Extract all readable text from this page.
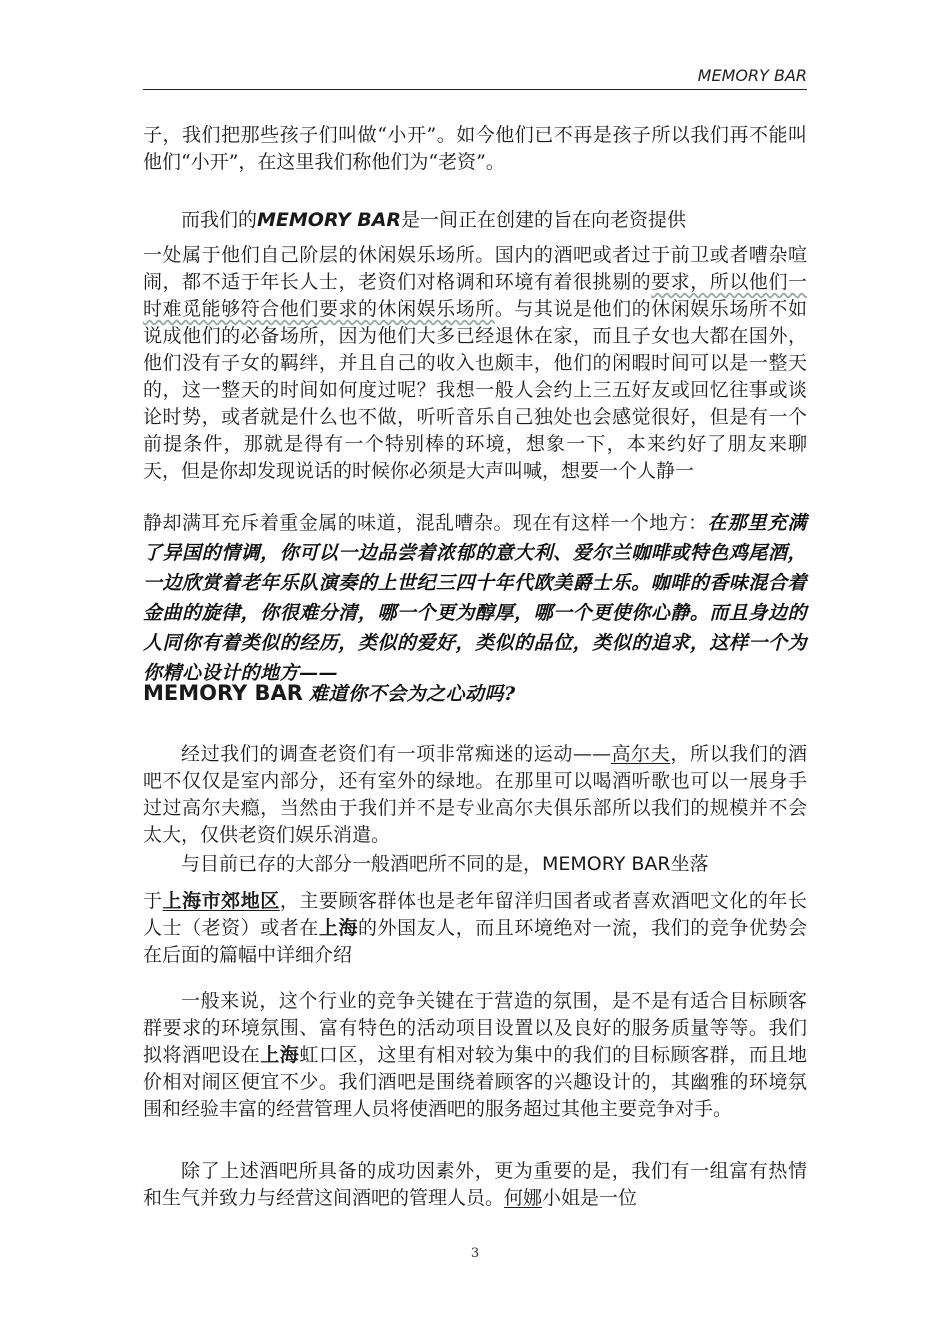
MEMORY BAR

子，我们把那些孩子们叫做“小开”。如今他们已不再是孩子所以我们再不能叫他们“小开”，在这里我们称他们为“老资”。

而我们的MEMORY BAR是一间正在创建的旨在向老资提供

一处属于他们自己阶层的休闲娱乐场所。国内的酒吧或者过于前卫或者嘈杂喧闹，都不适于年长人士，老资们对格调和环境有着很挑剔的要求，所以他们一时难觅能够符合他们要求的休闲娱乐场所。与其说是他们的休闲娱乐场所不如说成他们的必备场所，因为他们大多已经退休在家，而且子女也大都在国外，他们没有子女的羁绊，并且自己的收入也颇丰，他们的闲暇时间可以是一整天的，这一整天的时间如何度过呢？我想一般人会约上三五好友或回忆往事或谈论时势，或者就是什么也不做，听听音乐自己独处也会感觉很好，但是有一个前提条件，那就是得有一个特别棒的环境，想象一下，本来约好了朋友来聊天，但是你却发现说话的时候你必须是大声叫喊，想要一个人静一

静却满耳充斥着重金属的味道，混乱嘈杂。现在有这样一个地方：在那里充满了异国的情调，你可以一边品尝着浓郁的意大利、爱尔兰咖啡或特色鸡尾酒，一边欣赏着老年乐队演奏的上世纪三四十年代欧美爵士乐。咖啡的香味混合着金曲的旋律，你很难分清，哪一个更为醇厚，哪一个更使你心静。而且身边的人同你有着类似的经历，类似的爱好，类似的品位，类似的追求，这样一个为你精心设计的地方——

MEMORY BAR 难道你不会为之心动吗?

经过我们的调查老资们有一项非常痴迷的运动——高尔夫，所以我们的酒吧不仅仅是室内部分，还有室外的绿地。在那里可以喝酒听歌也可以一展身手过过高尔夫瘾，当然由于我们并不是专业高尔夫俱乐部所以我们的规模并不会太大，仅供老资们娱乐消遣。

与目前已存的大部分一般酒吧所不同的是，MEMORY BAR坐落

于上海市郊地区，主要顾客群体也是老年留洋归国者或者喜欢酒吧文化的年长人士（老资）或者在上海的外国友人，而且环境绝对一流，我们的竞争优势会在后面的篇幅中详细介绍

一般来说，这个行业的竞争关键在于营造的氛围，是不是有适合目标顾客群要求的环境氛围、富有特色的活动项目设置以及良好的服务质量等等。我们拟将酒吧设在上海虹口区，这里有相对较为集中的我们的目标顾客群，而且地价相对闹区便宜不少。我们酒吧是围绕着顾客的兴趣设计的，其幽雅的环境氛围和经验丰富的经营管理人员将使酒吧的服务超过其他主要竞争对手。

除了上述酒吧所具备的成功因素外，更为重要的是，我们有一组富有热情和生气并致力与经营这间酒吧的管理人员。何娜小姐是一位

3
